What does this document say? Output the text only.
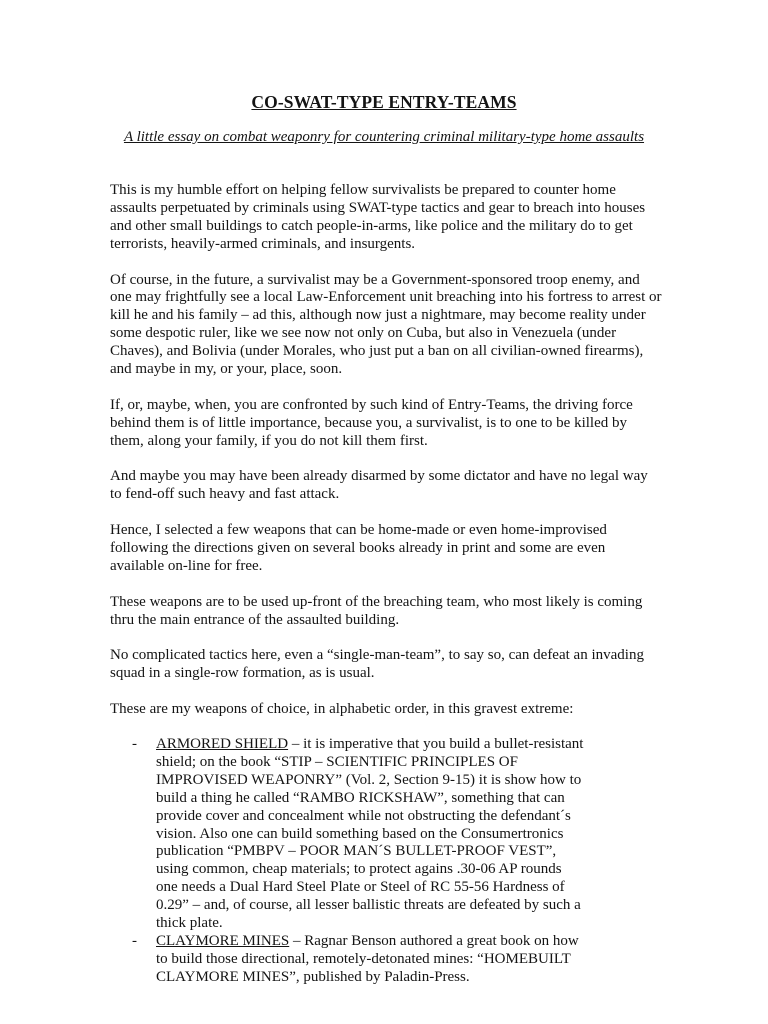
CO-SWAT-TYPE ENTRY-TEAMS
A little essay on combat weaponry for countering criminal military-type home assaults

This is my humble effort on helping fellow survivalists be prepared to counter home assaults perpetuated by criminals using SWAT-type tactics and gear to breach into houses and other small buildings to catch people-in-arms, like police and the military do to get terrorists, heavily-armed criminals, and insurgents.

Of course, in the future, a survivalist may be a Government-sponsored troop enemy, and one may frightfully see a local Law-Enforcement unit breaching into his fortress to arrest or kill he and his family – ad this, although now just a nightmare, may become reality under some despotic ruler, like we see now not only on Cuba, but also in Venezuela (under Chaves), and Bolivia (under Morales, who just put a ban on all civilian-owned firearms), and maybe in my, or your, place, soon.

If, or, maybe, when, you are confronted by such kind of Entry-Teams, the driving force behind them is of little importance, because you, a survivalist, is to one to be killed by them, along your family, if you do not kill them first.

And maybe you may have been already disarmed by some dictator and have no legal way to fend-off such heavy and fast attack.

Hence, I selected a few weapons that can be home-made or even home-improvised following the directions given on several books already in print and some are even available on-line for free.

These weapons are to be used up-front of the breaching team, who most likely is coming thru the main entrance of the assaulted building.

No complicated tactics here, even a “single-man-team”, to say so, can defeat an invading squad in a single-row formation, as is usual.

These are my weapons of choice, in alphabetic order, in this gravest extreme:

-	ARMORED SHIELD – it is imperative that you build a bullet-resistant shield; on the book “STIP – SCIENTIFIC PRINCIPLES OF IMPROVISED WEAPONRY” (Vol. 2, Section 9-15) it is show how to build a thing he called “RAMBO RICKSHAW”, something that can provide cover and concealment while not obstructing the defendant´s vision. Also one can build something based on the Consumertronics publication “PMBPV – POOR MAN´S BULLET-PROOF VEST”, using common, cheap materials; to protect agains .30-06 AP rounds one needs a Dual Hard Steel Plate or Steel of RC 55-56 Hardness of 0.29” – and, of course, all lesser ballistic threats are defeated by such a thick plate.
-	CLAYMORE MINES – Ragnar Benson authored a great book on how to build those directional, remotely-detonated mines: “HOMEBUILT CLAYMORE MINES”, published by Paladin-Press.
